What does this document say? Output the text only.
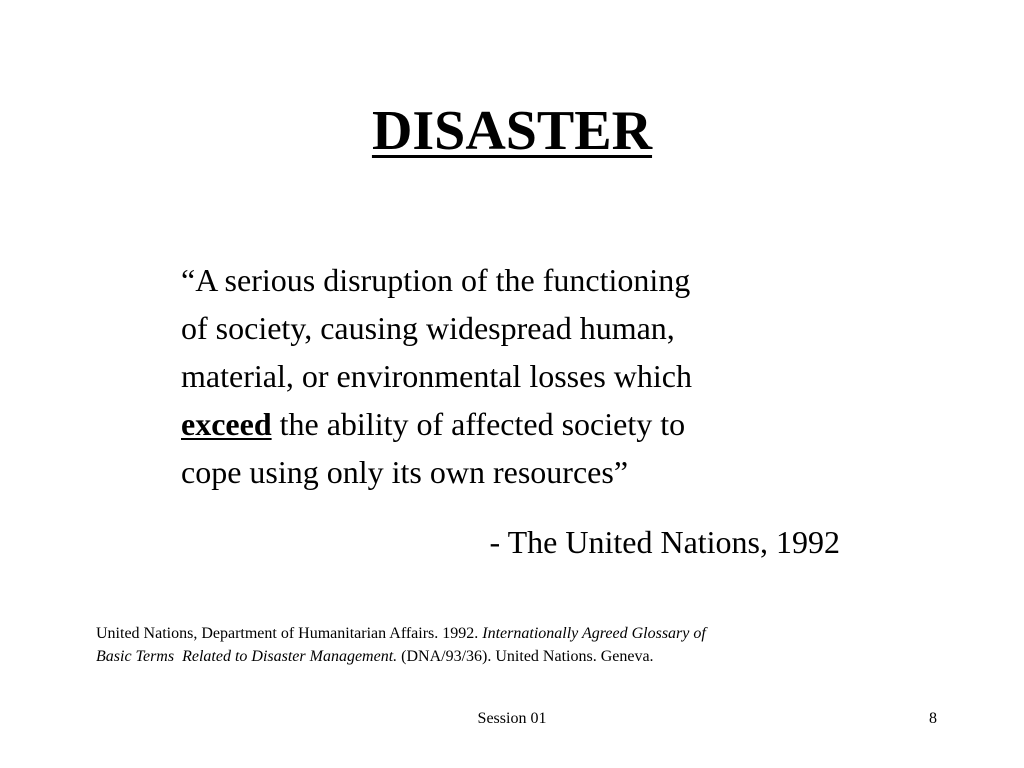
DISASTER
“A serious disruption of the functioning
of society, causing widespread human,
material, or environmental losses which
exceed the ability of affected society to
cope using only its own resources”
- The United Nations, 1992
United Nations, Department of Humanitarian Affairs. 1992. Internationally Agreed Glossary of
Basic Terms  Related to Disaster Management. (DNA/93/36). United Nations. Geneva.
Session 01	8
